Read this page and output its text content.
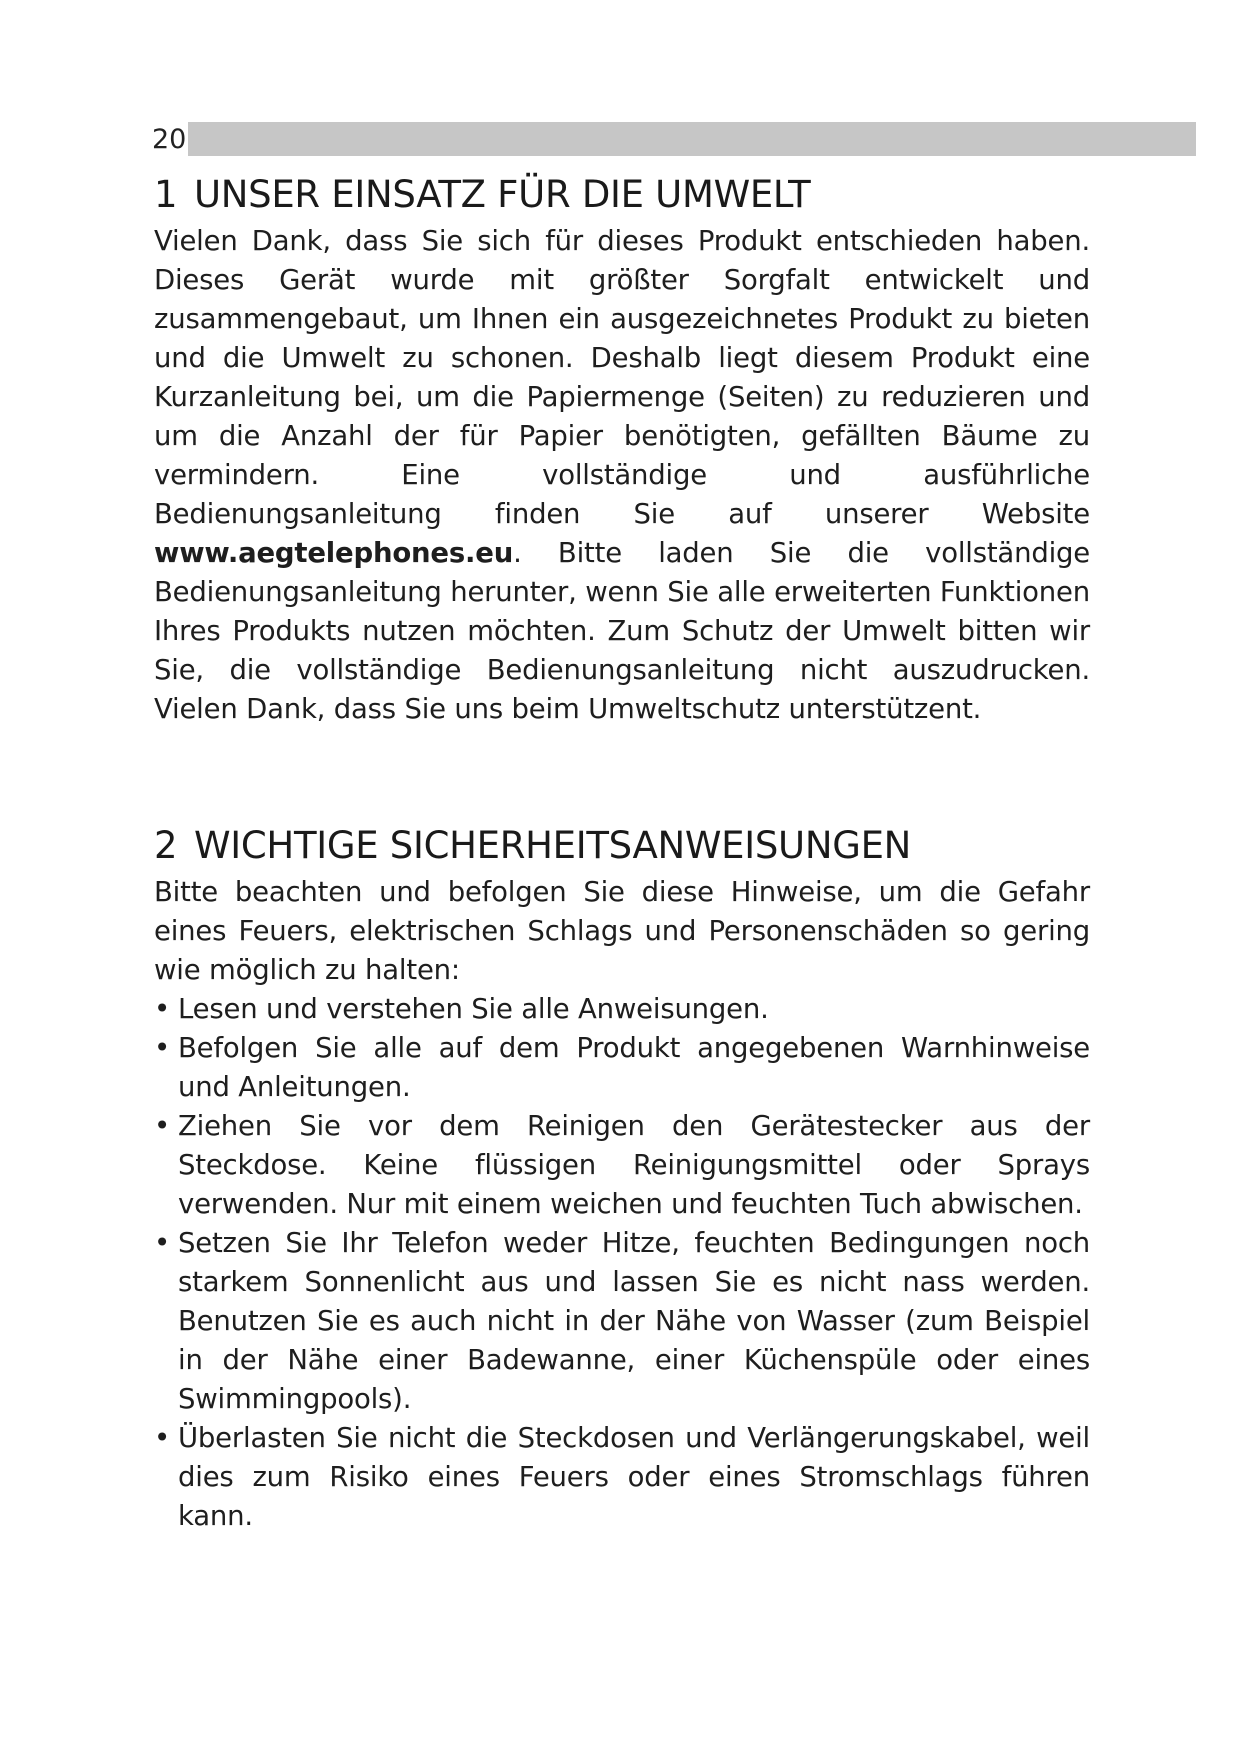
20
1 UNSER EINSATZ FÜR DIE UMWELT

Vielen Dank, dass Sie sich für dieses Produkt entschieden haben. Dieses Gerät wurde mit größter Sorgfalt entwickelt und zusammengebaut, um Ihnen ein ausgezeichnetes Produkt zu bieten und die Umwelt zu schonen. Deshalb liegt diesem Produkt eine Kurzanleitung bei, um die Papiermenge (Seiten) zu reduzieren und um die Anzahl der für Papier benötigten, gefällten Bäume zu vermindern. Eine vollständige und ausführliche Bedienungsanleitung finden Sie auf unserer Website www.aegtelephones.eu. Bitte laden Sie die vollständige Bedienungsanleitung herunter, wenn Sie alle erweiterten Funktionen Ihres Produkts nutzen möchten. Zum Schutz der Umwelt bitten wir Sie, die vollständige Bedienungsanleitung nicht auszudrucken. Vielen Dank, dass Sie uns beim Umweltschutz unterstützent.

2 WICHTIGE SICHERHEITSANWEISUNGEN

Bitte beachten und befolgen Sie diese Hinweise, um die Gefahr eines Feuers, elektrischen Schlags und Personenschäden so gering wie möglich zu halten:

• Lesen und verstehen Sie alle Anweisungen.
• Befolgen Sie alle auf dem Produkt angegebenen Warnhinweise und Anleitungen.
• Ziehen Sie vor dem Reinigen den Gerätestecker aus der Steckdose. Keine flüssigen Reinigungsmittel oder Sprays verwenden. Nur mit einem weichen und feuchten Tuch abwischen.
• Setzen Sie Ihr Telefon weder Hitze, feuchten Bedingungen noch starkem Sonnenlicht aus und lassen Sie es nicht nass werden. Benutzen Sie es auch nicht in der Nähe von Wasser (zum Beispiel in der Nähe einer Badewanne, einer Küchenspüle oder eines Swimmingpools).
• Überlasten Sie nicht die Steckdosen und Verlängerungskabel, weil dies zum Risiko eines Feuers oder eines Stromschlags führen kann.
